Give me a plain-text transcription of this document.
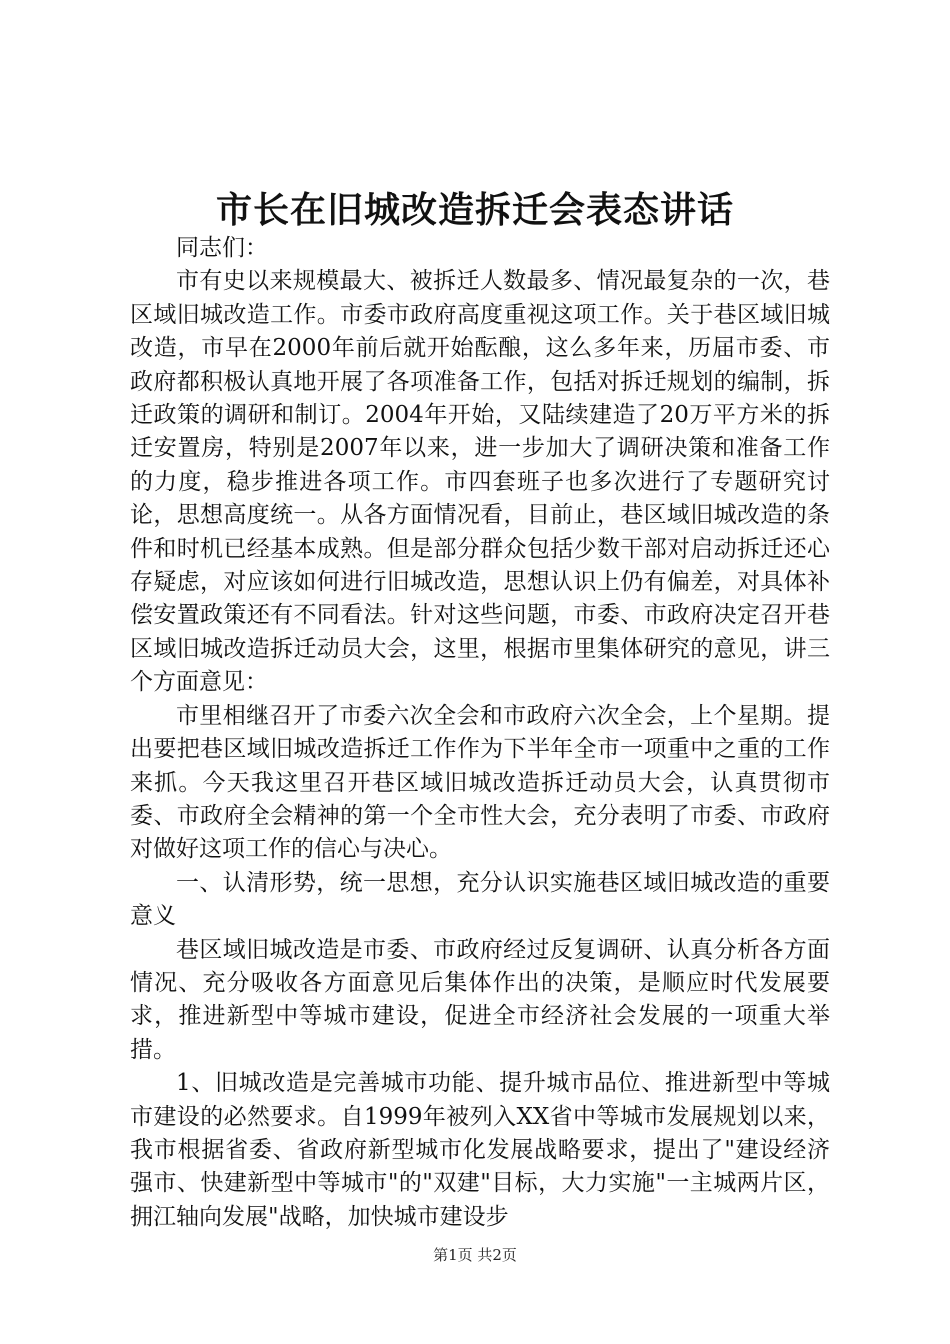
市长在旧城改造拆迁会表态讲话

同志们：

市有史以来规模最大、被拆迁人数最多、情况最复杂的一次，巷区域旧城改造工作。市委市政府高度重视这项工作。关于巷区域旧城改造，市早在2000年前后就开始酝酿，这么多年来，历届市委、市政府都积极认真地开展了各项准备工作，包括对拆迁规划的编制，拆迁政策的调研和制订。2004年开始，又陆续建造了20万平方米的拆迁安置房，特别是2007年以来，进一步加大了调研决策和准备工作的力度，稳步推进各项工作。市四套班子也多次进行了专题研究讨论，思想高度统一。从各方面情况看，目前止，巷区域旧城改造的条件和时机已经基本成熟。但是部分群众包括少数干部对启动拆迁还心存疑虑，对应该如何进行旧城改造，思想认识上仍有偏差，对具体补偿安置政策还有不同看法。针对这些问题，市委、市政府决定召开巷区域旧城改造拆迁动员大会，这里，根据市里集体研究的意见，讲三个方面意见：

市里相继召开了市委六次全会和市政府六次全会，上个星期。提出要把巷区域旧城改造拆迁工作作为下半年全市一项重中之重的工作来抓。今天我这里召开巷区域旧城改造拆迁动员大会，认真贯彻市委、市政府全会精神的第一个全市性大会，充分表明了市委、市政府对做好这项工作的信心与决心。

一、认清形势，统一思想，充分认识实施巷区域旧城改造的重要意义

巷区域旧城改造是市委、市政府经过反复调研、认真分析各方面情况、充分吸收各方面意见后集体作出的决策，是顺应时代发展要求，推进新型中等城市建设，促进全市经济社会发展的一项重大举措。

1、旧城改造是完善城市功能、提升城市品位、推进新型中等城市建设的必然要求。自1999年被列入XX省中等城市发展规划以来，我市根据省委、省政府新型城市化发展战略要求，提出了"建设经济强市、快建新型中等城市"的"双建"目标，大力实施"一主城两片区，拥江轴向发展"战略，加快城市建设步

第1页 共2页
